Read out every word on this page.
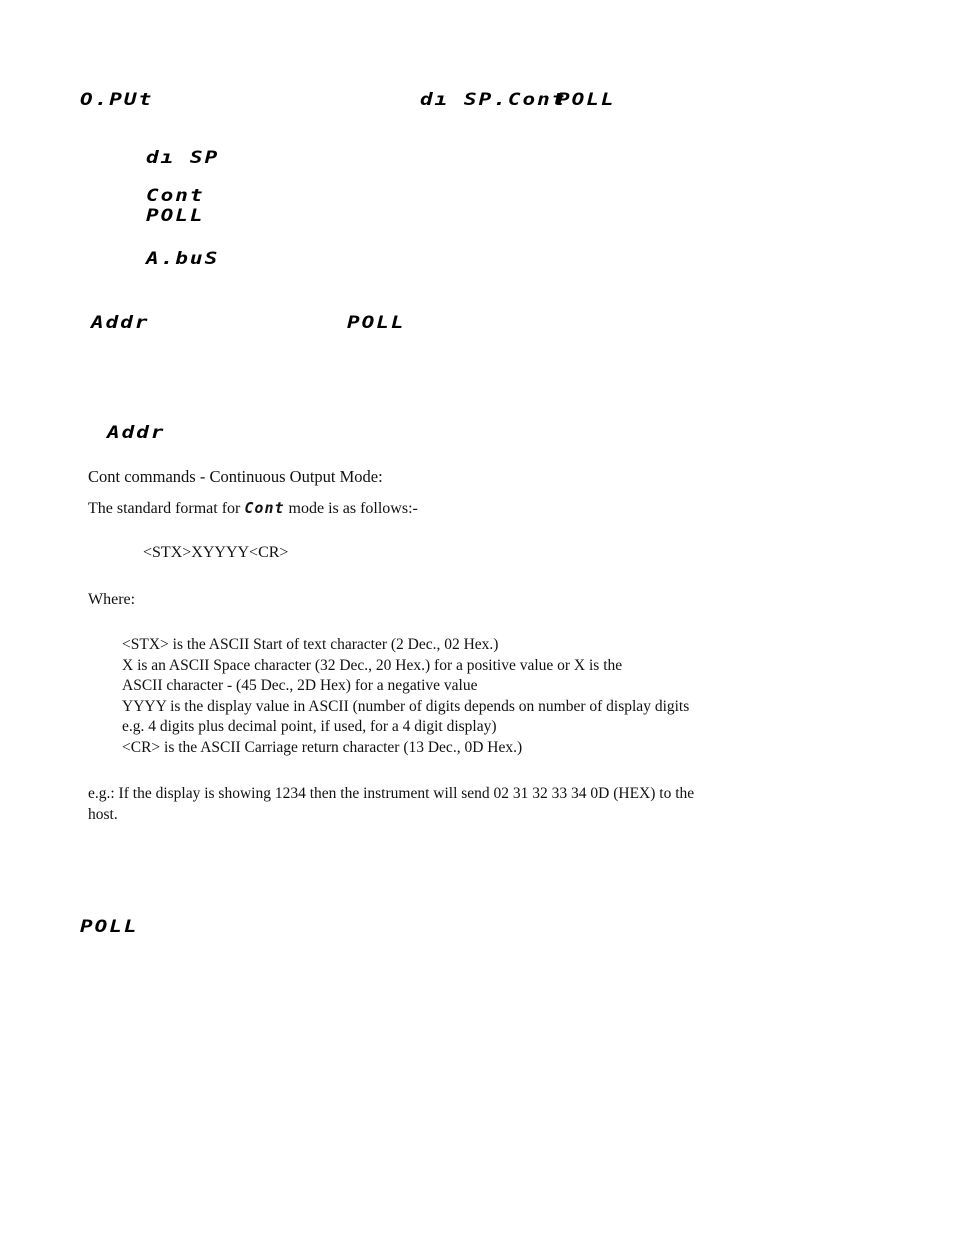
O.PUt	dı SP.Cont
POLL
dı SP
Cont
POLL
A.buS
Addr	POLL
Addr
Cont commands - Continuous Output Mode:
The standard format for Cont mode is as follows:-
<STX>XYYYY<CR>
Where:
<STX> is the ASCII Start of text character (2 Dec., 02 Hex.)
X is an ASCII Space character (32 Dec., 20 Hex.) for a positive value or X is the
ASCII character - (45 Dec., 2D Hex) for a negative value
YYYY is the display value in ASCII (number of digits depends on number of display digits
e.g. 4 digits plus decimal point, if used, for a 4 digit display)
<CR> is the ASCII Carriage return character (13 Dec., 0D Hex.)
e.g.: If the display is showing 1234 then the instrument will send 02 31 32 33 34 0D (HEX) to the
host.
POLL
